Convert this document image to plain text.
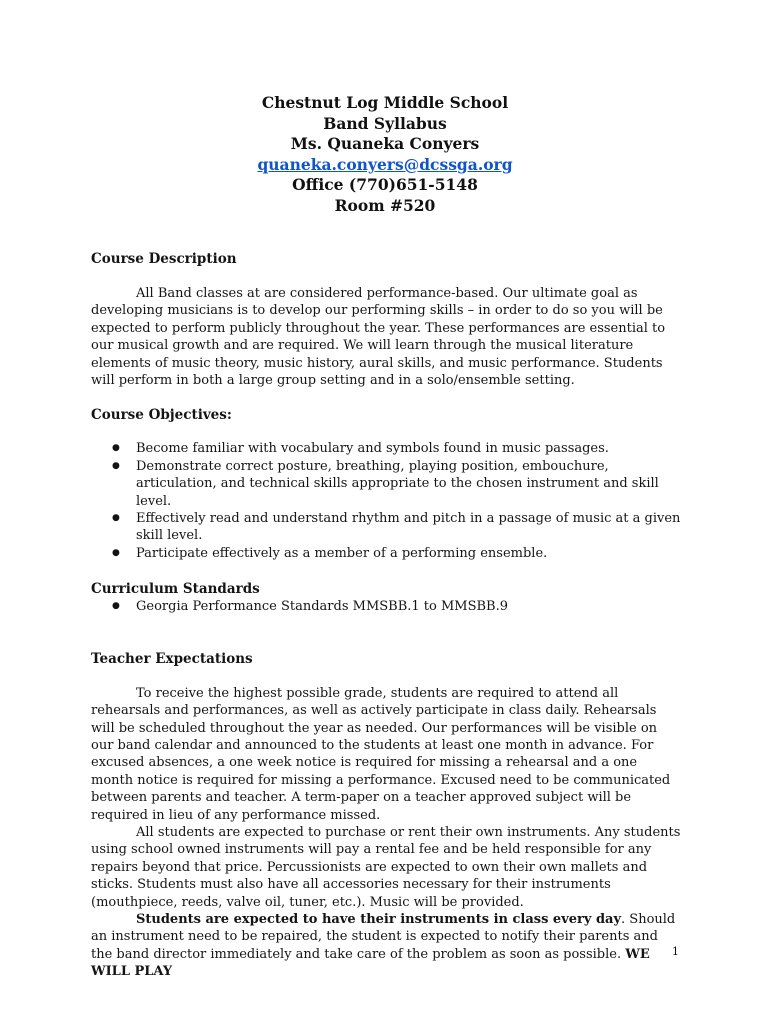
Chestnut Log Middle School
Band Syllabus
Ms. Quaneka Conyers
quaneka.conyers@dcssga.org
Office (770)651-5148
Room #520
Course Description

All Band classes at are considered performance-based. Our ultimate goal as developing musicians is to develop our performing skills – in order to do so you will be expected to perform publicly throughout the year. These performances are essential to our musical growth and are required. We will learn through the musical literature elements of music theory, music history, aural skills, and music performance. Students will perform in both a large group setting and in a solo/ensemble setting.

Course Objectives:
● Become familiar with vocabulary and symbols found in music passages.
● Demonstrate correct posture, breathing, playing position, embouchure, articulation, and technical skills appropriate to the chosen instrument and skill level.
● Effectively read and understand rhythm and pitch in a passage of music at a given skill level.
● Participate effectively as a member of a performing ensemble.
Curriculum Standards
● Georgia Performance Standards MMSBB.1 to MMSBB.9
Teacher Expectations

To receive the highest possible grade, students are required to attend all rehearsals and performances, as well as actively participate in class daily. Rehearsals will be scheduled throughout the year as needed. Our performances will be visible on our band calendar and announced to the students at least one month in advance. For excused absences, a one week notice is required for missing a rehearsal and a one month notice is required for missing a performance. Excused need to be communicated between parents and teacher. A term-paper on a teacher approved subject will be required in lieu of any performance missed.

All students are expected to purchase or rent their own instruments. Any students using school owned instruments will pay a rental fee and be held responsible for any repairs beyond that price. Percussionists are expected to own their own mallets and sticks. Students must also have all accessories necessary for their instruments (mouthpiece, reeds, valve oil, tuner, etc.). Music will be provided.

Students are expected to have their instruments in class every day. Should an instrument need to be repaired, the student is expected to notify their parents and the band director immediately and take care of the problem as soon as possible. WE WILL PLAY

1
